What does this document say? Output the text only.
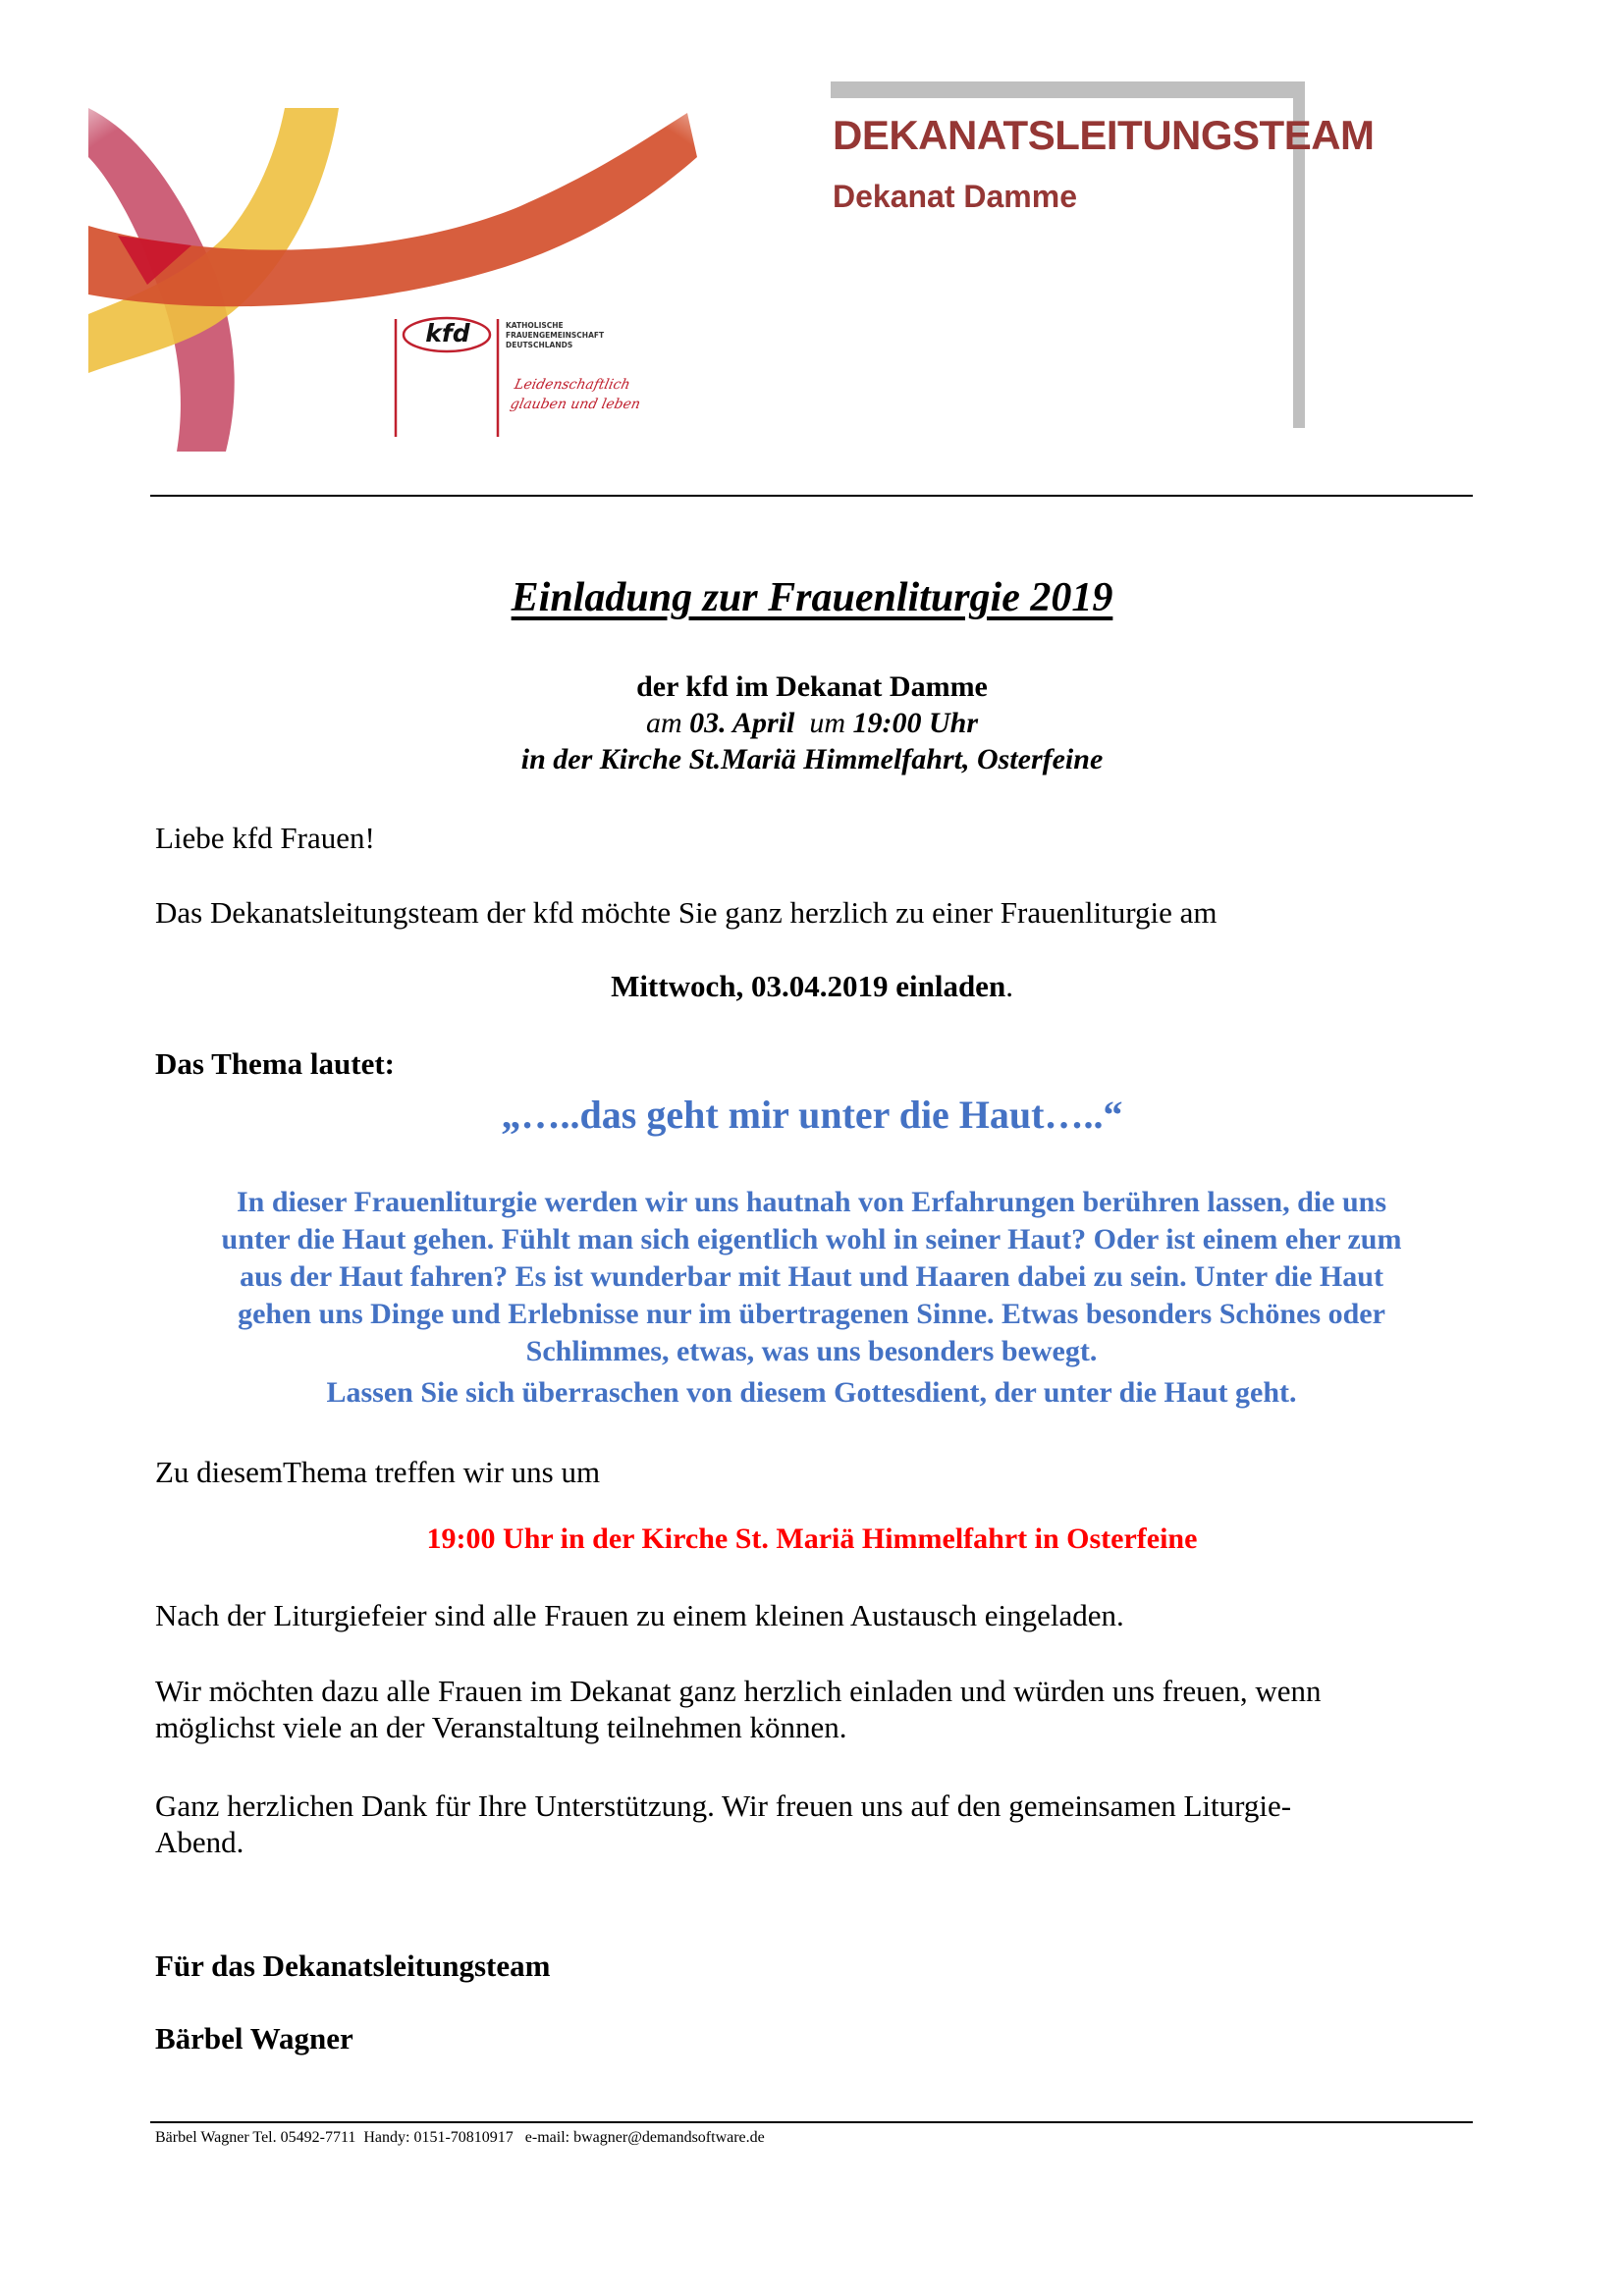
kfd	KATHOLISCHE
FRAUENGEMEINSCHAFT
DEUTSCHLANDS
Leidenschaftlich
glauben und leben
DEKANATSLEITUNGSTEAM
Dekanat Damme
Einladung zur Frauenliturgie 2019
der kfd im Dekanat Damme
am 03. April  um 19:00 Uhr
in der Kirche St.Mariä Himmelfahrt, Osterfeine
Liebe kfd Frauen!
Das Dekanatsleitungsteam der kfd möchte Sie ganz herzlich zu einer Frauenliturgie am
Mittwoch, 03.04.2019 einladen.
Das Thema lautet:
„…..das geht mir unter die Haut…..“
In dieser Frauenliturgie werden wir uns hautnah von Erfahrungen berühren lassen, die uns
unter die Haut gehen. Fühlt man sich eigentlich wohl in seiner Haut? Oder ist einem eher zum
aus der Haut fahren? Es ist wunderbar mit Haut und Haaren dabei zu sein. Unter die Haut
gehen uns Dinge und Erlebnisse nur im übertragenen Sinne. Etwas besonders Schönes oder
Schlimmes, etwas, was uns besonders bewegt.
Lassen Sie sich überraschen von diesem Gottesdient, der unter die Haut geht.
Zu diesemThema treffen wir uns um
19:00 Uhr in der Kirche St. Mariä Himmelfahrt in Osterfeine
Nach der Liturgiefeier sind alle Frauen zu einem kleinen Austausch eingeladen.
Wir möchten dazu alle Frauen im Dekanat ganz herzlich einladen und würden uns freuen, wenn
möglichst viele an der Veranstaltung teilnehmen können.
Ganz herzlichen Dank für Ihre Unterstützung. Wir freuen uns auf den gemeinsamen Liturgie-
Abend.
Für das Dekanatsleitungsteam
Bärbel Wagner
Bärbel Wagner Tel. 05492-7711  Handy: 0151-70810917   e-mail: bwagner@demandsoftware.de
